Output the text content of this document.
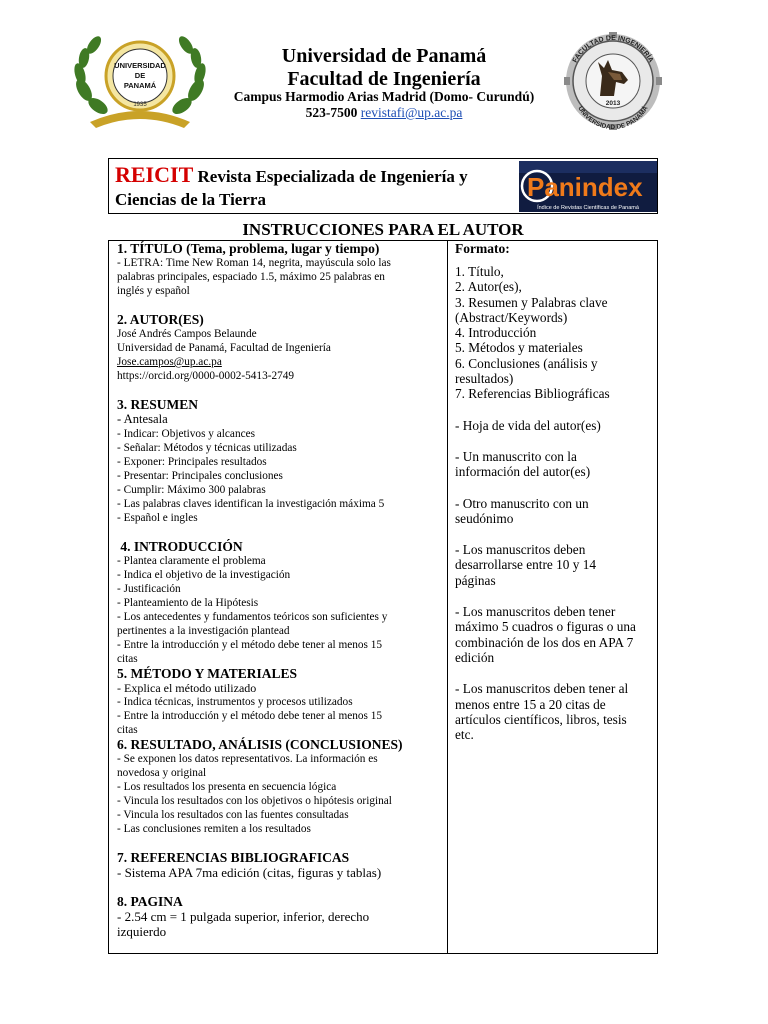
UNIVERSIDAD
DE
PANAMÁ
1935
Universidad de Panamá
Facultad de Ingeniería
Campus Harmodio Arias Madrid (Domo- Curundú)
523-7500 revistafi@up.ac.pa
FACULTAD DE INGENIERÍA
UNIVERSIDAD DE PANAMÁ
2013
REICIT Revista Especializada de Ingeniería y Ciencias de la Tierra	Panindex
Índice de Revistas Científicas de Panamá
INSTRUCCIONES PARA EL AUTOR
1. TÍTULO (Tema, problema, lugar y tiempo)
- LETRA: Time New Roman 14, negrita, mayúscula solo las
palabras principales, espaciado 1.5, máximo 25 palabras en
inglés y español
2. AUTOR(ES)
José Andrés Campos Belaunde
Universidad de Panamá, Facultad de Ingeniería
Jose.campos@up.ac.pa
https://orcid.org/0000-0002-5413-2749
3. RESUMEN
- Antesala
- Indicar: Objetivos y alcances
- Señalar: Métodos y técnicas utilizadas
- Exponer: Principales resultados
- Presentar: Principales conclusiones
- Cumplir: Máximo 300 palabras
- Las palabras claves identifican la investigación máxima 5
- Español e ingles
4. INTRODUCCIÓN
- Plantea claramente el problema
- Indica el objetivo de la investigación
- Justificación
- Planteamiento de la Hipótesis
- Los antecedentes y fundamentos teóricos son suficientes y
pertinentes a la investigación plantead
- Entre la introducción y el método debe tener al menos 15
citas
5. MÉTODO Y MATERIALES
- Explica el método utilizado
- Indica técnicas, instrumentos y procesos utilizados
- Entre la introducción y el método debe tener al menos 15
citas
6. RESULTADO, ANÁLISIS (CONCLUSIONES)
- Se exponen los datos representativos. La información es
novedosa y original
- Los resultados los presenta en secuencia lógica
- Vincula los resultados con los objetivos o hipótesis original
- Vincula los resultados con las fuentes consultadas
- Las conclusiones remiten a los resultados
7. REFERENCIAS BIBLIOGRAFICAS
- Sistema APA 7ma edición (citas, figuras y tablas)
8. PAGINA
- 2.54 cm = 1 pulgada superior, inferior, derecho
izquierdo
Formato:
1. Título,
2. Autor(es),
3. Resumen y Palabras clave
(Abstract/Keywords)
4. Introducción
5. Métodos y materiales
6. Conclusiones (análisis y
resultados)
7. Referencias Bibliográficas
- Hoja de vida del autor(es)
- Un manuscrito con la
información del autor(es)
- Otro manuscrito con un
seudónimo
- Los manuscritos deben
desarrollarse entre 10 y 14
páginas
- Los manuscritos deben tener
máximo 5 cuadros o figuras o una
combinación de los dos en APA 7
edición
- Los manuscritos deben tener al
menos entre 15 a 20 citas de
artículos científicos, libros, tesis
etc.
